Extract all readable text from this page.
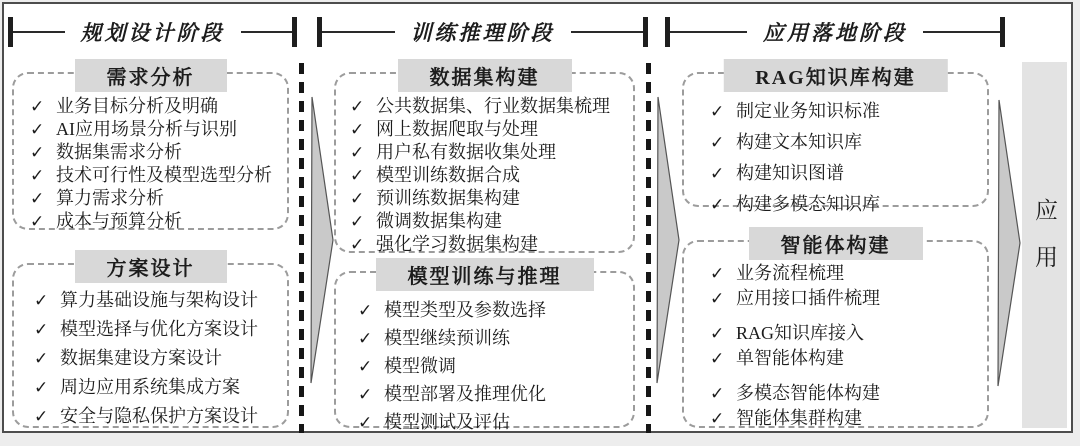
规划设计阶段	训练推理阶段	应用落地阶段
需求分析
✓ 业务目标分析及明确
✓ AI应用场景分析与识别
✓ 数据集需求分析
✓ 技术可行性及模型选型分析
✓ 算力需求分析
✓ 成本与预算分析
方案设计
✓ 算力基础设施与架构设计
✓ 模型选择与优化方案设计
✓ 数据集建设方案设计
✓ 周边应用系统集成方案
✓ 安全与隐私保护方案设计
数据集构建
✓ 公共数据集、行业数据集梳理
✓ 网上数据爬取与处理
✓ 用户私有数据收集处理
✓ 模型训练数据合成
✓ 预训练数据集构建
✓ 微调数据集构建
✓ 强化学习数据集构建
模型训练与推理
✓ 模型类型及参数选择
✓ 模型继续预训练
✓ 模型微调
✓ 模型部署及推理优化
✓ 模型测试及评估
RAG知识库构建
✓ 制定业务知识标准
✓ 构建文本知识库
✓ 构建知识图谱
✓ 构建多模态知识库
智能体构建
✓ 业务流程梳理
✓ 应用接口插件梳理
✓ RAG知识库接入
✓ 单智能体构建
✓ 多模态智能体构建
✓ 智能体集群构建
应用
